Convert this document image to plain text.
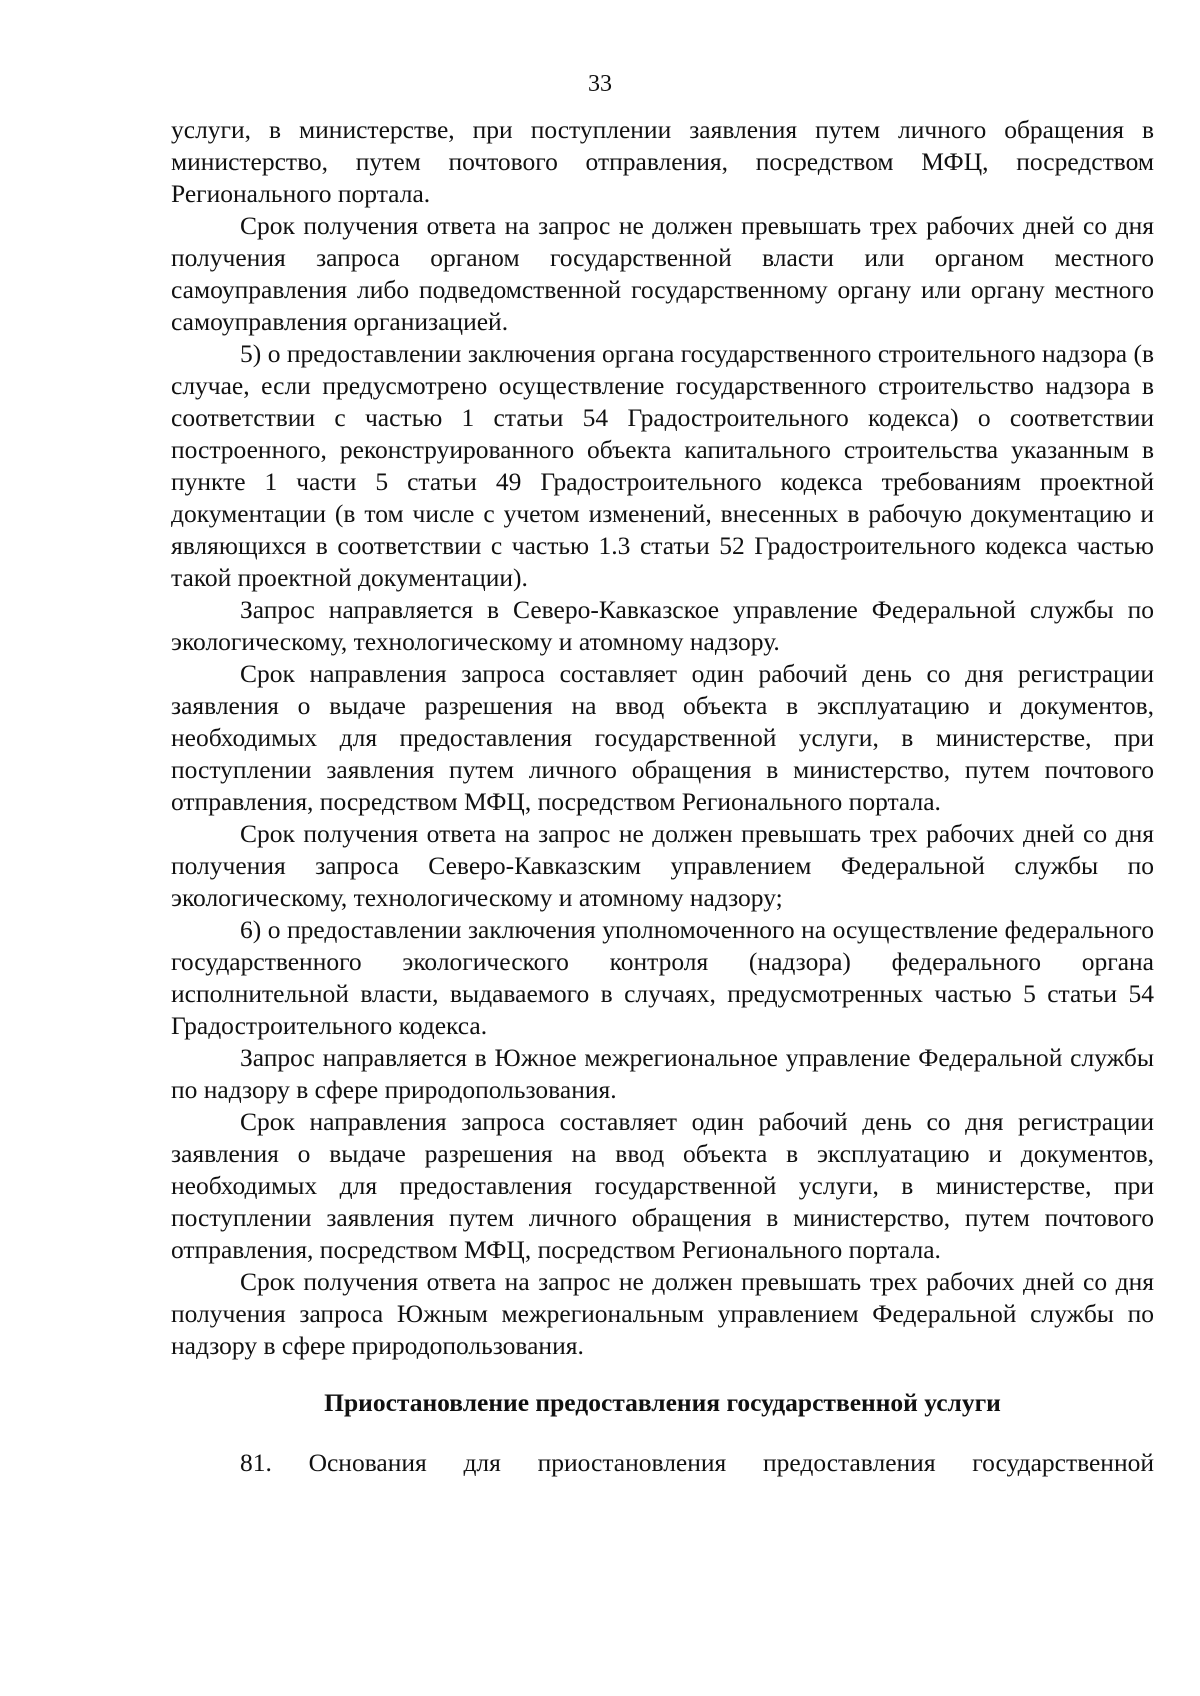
33

услуги, в министерстве, при поступлении заявления путем личного обращения в министерство, путем почтового отправления, посредством МФЦ, посредством Регионального портала.

Срок получения ответа на запрос не должен превышать трех рабочих дней со дня получения запроса органом государственной власти или органом местного самоуправления либо подведомственной государственному органу или органу местного самоуправления организацией.

5) о предоставлении заключения органа государственного строительного надзора (в случае, если предусмотрено осуществление государственного строительство надзора в соответствии с частью 1 статьи 54 Градостроительного кодекса) о соответствии построенного, реконструированного объекта капитального строительства указанным в пункте 1 части 5 статьи 49 Градостроительного кодекса требованиям проектной документации (в том числе с учетом изменений, внесенных в рабочую документацию и являющихся в соответствии с частью 1.3 статьи 52 Градостроительного кодекса частью такой проектной документации).

Запрос направляется в Северо-Кавказское управление Федеральной службы по экологическому, технологическому и атомному надзору.

Срок направления запроса составляет один рабочий день со дня регистрации заявления о выдаче разрешения на ввод объекта в эксплуатацию и документов, необходимых для предоставления государственной услуги, в министерстве, при поступлении заявления путем личного обращения в министерство, путем почтового отправления, посредством МФЦ, посредством Регионального портала.

Срок получения ответа на запрос не должен превышать трех рабочих дней со дня получения запроса Северо-Кавказским управлением Федеральной службы по экологическому, технологическому и атомному надзору;

6) о предоставлении заключения уполномоченного на осуществление федерального государственного экологического контроля (надзора) федерального органа исполнительной власти, выдаваемого в случаях, предусмотренных частью 5 статьи 54 Градостроительного кодекса.

Запрос направляется в Южное межрегиональное управление Федеральной службы по надзору в сфере природопользования.

Срок направления запроса составляет один рабочий день со дня регистрации заявления о выдаче разрешения на ввод объекта в эксплуатацию и документов, необходимых для предоставления государственной услуги, в министерстве, при поступлении заявления путем личного обращения в министерство, путем почтового отправления, посредством МФЦ, посредством Регионального портала.

Срок получения ответа на запрос не должен превышать трех рабочих дней со дня получения запроса Южным межрегиональным управлением Федеральной службы по надзору в сфере природопользования.

Приостановление предоставления государственной услуги

81. Основания для приостановления предоставления государственной
